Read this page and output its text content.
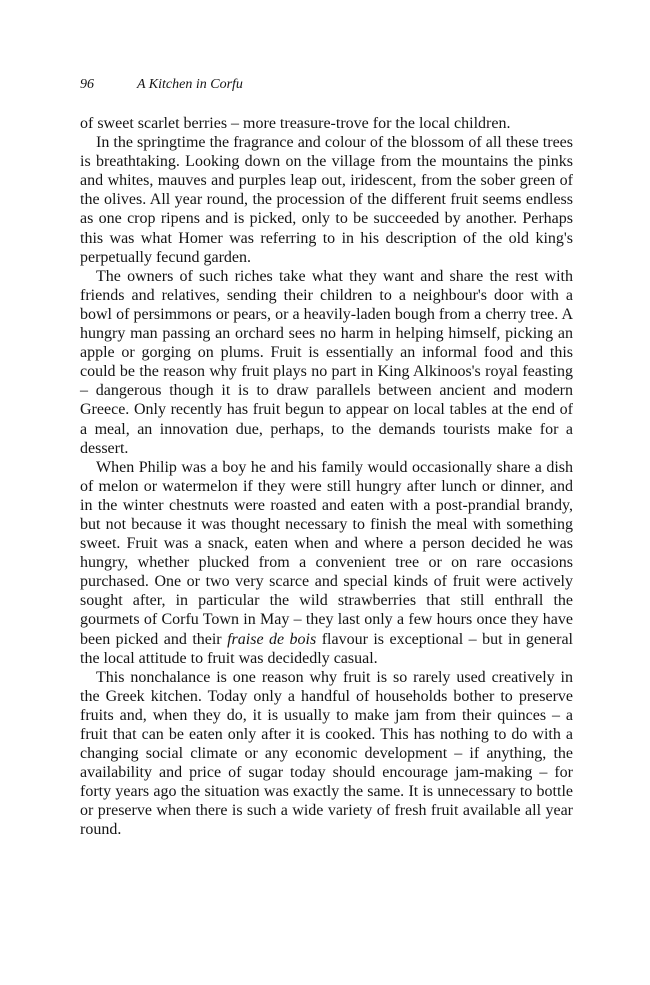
96	A Kitchen in Corfu

of sweet scarlet berries – more treasure-trove for the local children.

In the springtime the fragrance and colour of the blossom of all these trees is breathtaking. Looking down on the village from the mountains the pinks and whites, mauves and purples leap out, iridescent, from the sober green of the olives. All year round, the procession of the different fruit seems endless as one crop ripens and is picked, only to be succeeded by another. Perhaps this was what Homer was referring to in his description of the old king's perpetually fecund garden.

The owners of such riches take what they want and share the rest with friends and relatives, sending their children to a neighbour's door with a bowl of persimmons or pears, or a heavily-laden bough from a cherry tree. A hungry man passing an orchard sees no harm in helping himself, picking an apple or gorging on plums. Fruit is essentially an informal food and this could be the reason why fruit plays no part in King Alkinoos's royal feasting – dangerous though it is to draw parallels between ancient and modern Greece. Only recently has fruit begun to appear on local tables at the end of a meal, an innovation due, perhaps, to the demands tourists make for a dessert.

When Philip was a boy he and his family would occasionally share a dish of melon or watermelon if they were still hungry after lunch or dinner, and in the winter chestnuts were roasted and eaten with a post-prandial brandy, but not because it was thought necessary to finish the meal with something sweet. Fruit was a snack, eaten when and where a person decided he was hungry, whether plucked from a convenient tree or on rare occasions purchased. One or two very scarce and special kinds of fruit were actively sought after, in particular the wild strawberries that still enthrall the gourmets of Corfu Town in May – they last only a few hours once they have been picked and their fraise de bois flavour is exceptional – but in general the local attitude to fruit was decidedly casual.

This nonchalance is one reason why fruit is so rarely used creatively in the Greek kitchen. Today only a handful of households bother to preserve fruits and, when they do, it is usually to make jam from their quinces – a fruit that can be eaten only after it is cooked. This has nothing to do with a changing social climate or any economic development – if anything, the availability and price of sugar today should encourage jam-making – for forty years ago the situation was exactly the same. It is unnecessary to bottle or preserve when there is such a wide variety of fresh fruit available all year round.
